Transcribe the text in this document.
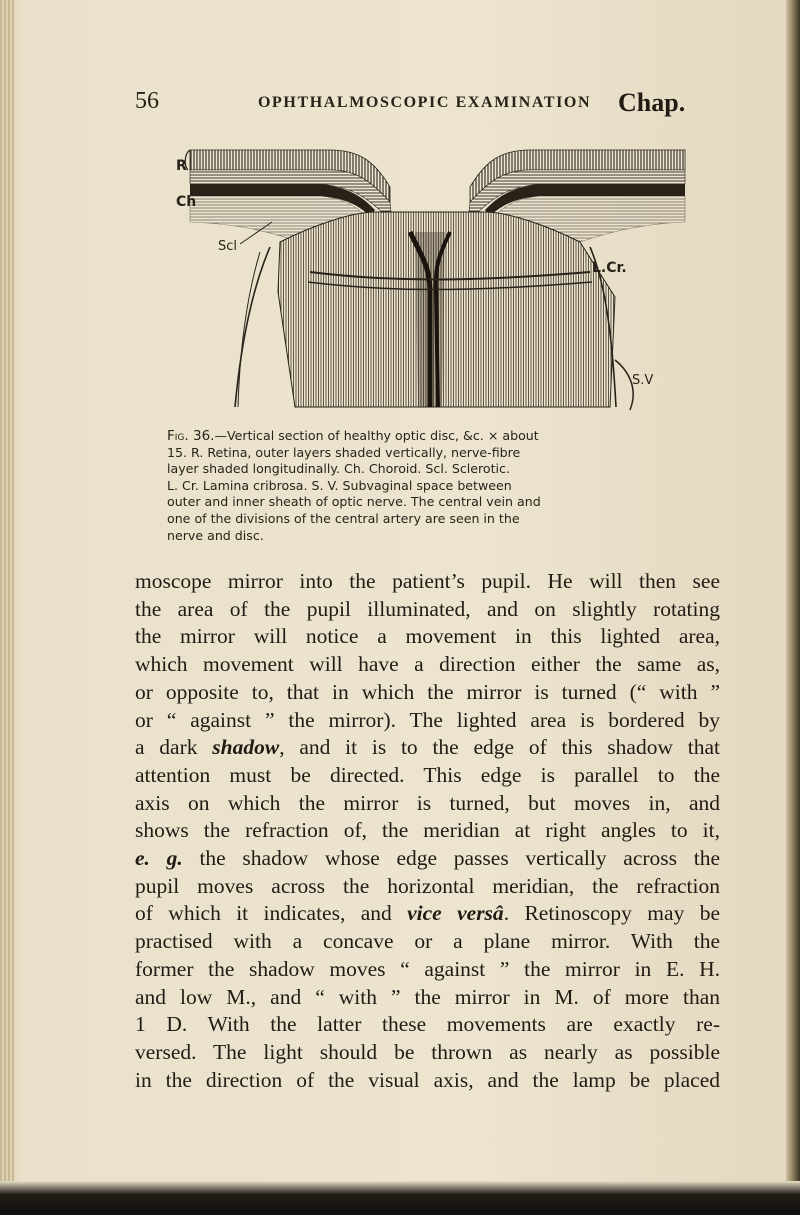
56	OPHTHALMOSCOPIC EXAMINATION Chap.
R
Ch
Scl
L.Cr.
S.V
Fig. 36.—Vertical section of healthy optic disc, &c. × about
15. R. Retina, outer layers shaded vertically, nerve-fibre
layer shaded longitudinally. Ch. Choroid. Scl. Sclerotic.
L. Cr. Lamina cribrosa. S. V. Subvaginal space between
outer and inner sheath of optic nerve. The central vein and
one of the divisions of the central artery are seen in the
nerve and disc.
moscope mirror into the patient’s pupil. He will then see
the area of the pupil illuminated, and on slightly rotating
the mirror will notice a movement in this lighted area,
which movement will have a direction either the same as,
or opposite to, that in which the mirror is turned (“ with ”
or “ against ” the mirror). The lighted area is bordered by
a dark shadow, and it is to the edge of this shadow that
attention must be directed. This edge is parallel to the
axis on which the mirror is turned, but moves in, and
shows the refraction of, the meridian at right angles to it,
e. g. the shadow whose edge passes vertically across the
pupil moves across the horizontal meridian, the refraction
of which it indicates, and vice versâ. Retinoscopy may be
practised with a concave or a plane mirror. With the
former the shadow moves “ against ” the mirror in E. H.
and low M., and “ with ” the mirror in M. of more than
1 D. With the latter these movements are exactly re-
versed. The light should be thrown as nearly as possible
in the direction of the visual axis, and the lamp be placed
